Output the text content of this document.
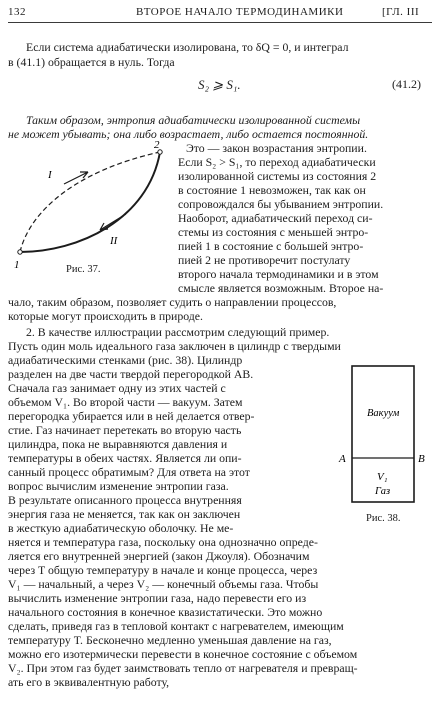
132	ВТОРОЕ НАЧАЛО ТЕРМОДИНАМИКИ	[ГЛ. III
Если система адиабатически изолирована, то δQ = 0, и интеграл
в (41.1) обращается в нуль. Тогда
S₂ ⩾ S₁.	(41.2)
Таким образом, энтропия адиабатически изолированной системы
не может убывать; она либо возрастает, либо остается постоянной.
1
2
I
II
Рис. 37.
Это — закон возрастания энтропии.
Если S₂ > S₁, то переход адиабатически
изолированной системы из состояния 2
в состояние 1 невозможен, так как он
сопровождался бы убыванием энтропии.
Наоборот, адиабатический переход си-
стемы из состояния с меньшей энтро-
пией 1 в состояние с большей энтро-
пией 2 не противоречит постулату
второго начала термодинамики и в этом
смысле является возможным. Второе на-
чало, таким образом, позволяет судить о направлении процессов,
которые могут происходить в природе.
2. В качестве иллюстрации рассмотрим следующий пример.
Пусть один моль идеального газа заключен в цилиндр с твердыми
адиабатическими стенками (рис. 38). Цилиндр
разделен на две части твердой перегородкой AB.
Сначала газ занимает одну из этих частей с
объемом V₁. Во второй части — вакуум. Затем
перегородка убирается или в ней делается отвер-
стие. Газ начинает перетекать во вторую часть
цилиндра, пока не выравняются давления и
температуры в обеих частях. Является ли опи-
санный процесс обратимым? Для ответа на этот
вопрос вычислим изменение энтропии газа.
В результате описанного процесса внутренняя
энергия газа не меняется, так как он заключен
в жесткую адиабатическую оболочку. Не ме-
A	B
Вакуум
V₁
Газ
Рис. 38.
няется и температура газа, поскольку она однозначно опреде-
ляется его внутренней энергией (закон Джоуля). Обозначим
через T общую температуру в начале и конце процесса, через
V₁ — начальный, а через V₂ — конечный объемы газа. Чтобы
вычислить изменение энтропии газа, надо перевести его из
начального состояния в конечное квазистатически. Это можно
сделать, приведя газ в тепловой контакт с нагревателем, имеющим
температуру T. Бесконечно медленно уменьшая давление на газ,
можно его изотермически перевести в конечное состояние с объемом
V₂. При этом газ будет заимствовать тепло от нагревателя и превращ-
ать его в эквивалентную работу,
